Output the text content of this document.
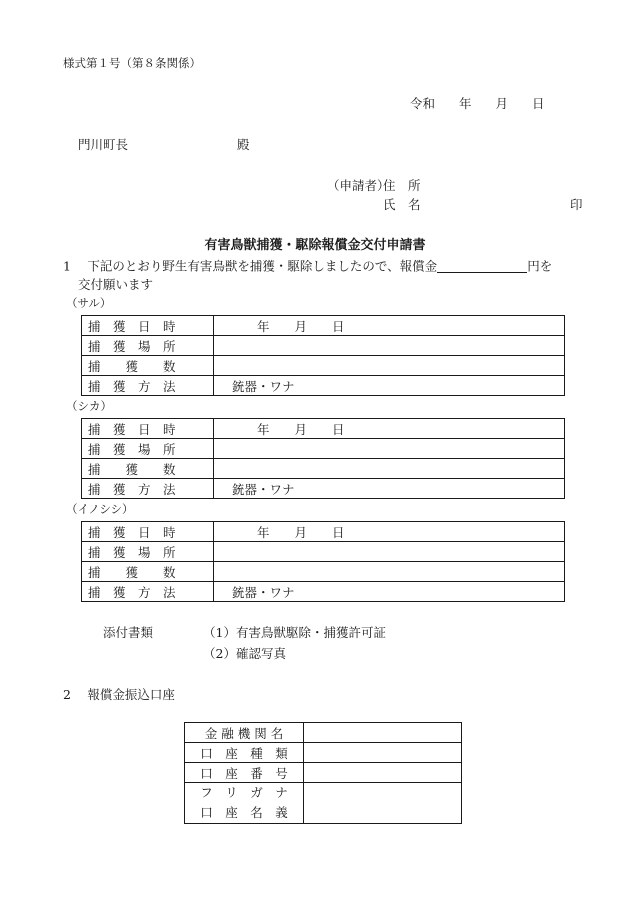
様式第１号（第８条関係）
令和 年 月 日
門川町長	殿
（申請者）
住　所
氏　名	印
有害鳥獣捕獲・駆除報償金交付申請書
1　 下記のとおり野生有害鳥獣を捕獲・駆除しましたので、報償金	円を
交付願います
（サル）
捕　獲　日　時	　　年　　月　　日

捕　獲　場　所	

捕　　獲　　数	

捕　獲　方　法	銃器・ワナ
（シカ）
捕　獲　日　時	　　年　　月　　日

捕　獲　場　所	

捕　　獲　　数	

捕　獲　方　法	銃器・ワナ
（イノシシ）
捕　獲　日　時	　　年　　月　　日

捕　獲　場　所	

捕　　獲　　数	

捕　獲　方　法	銃器・ワナ
添付書類	（1）有害鳥獣駆除・捕獲許可証
（2）確認写真
2　 報償金振込口座
金 融 機 関 名	
口　座　種　類	
口　座　番　号	

フ　リ　ガ　ナ
口　座　名　義	
